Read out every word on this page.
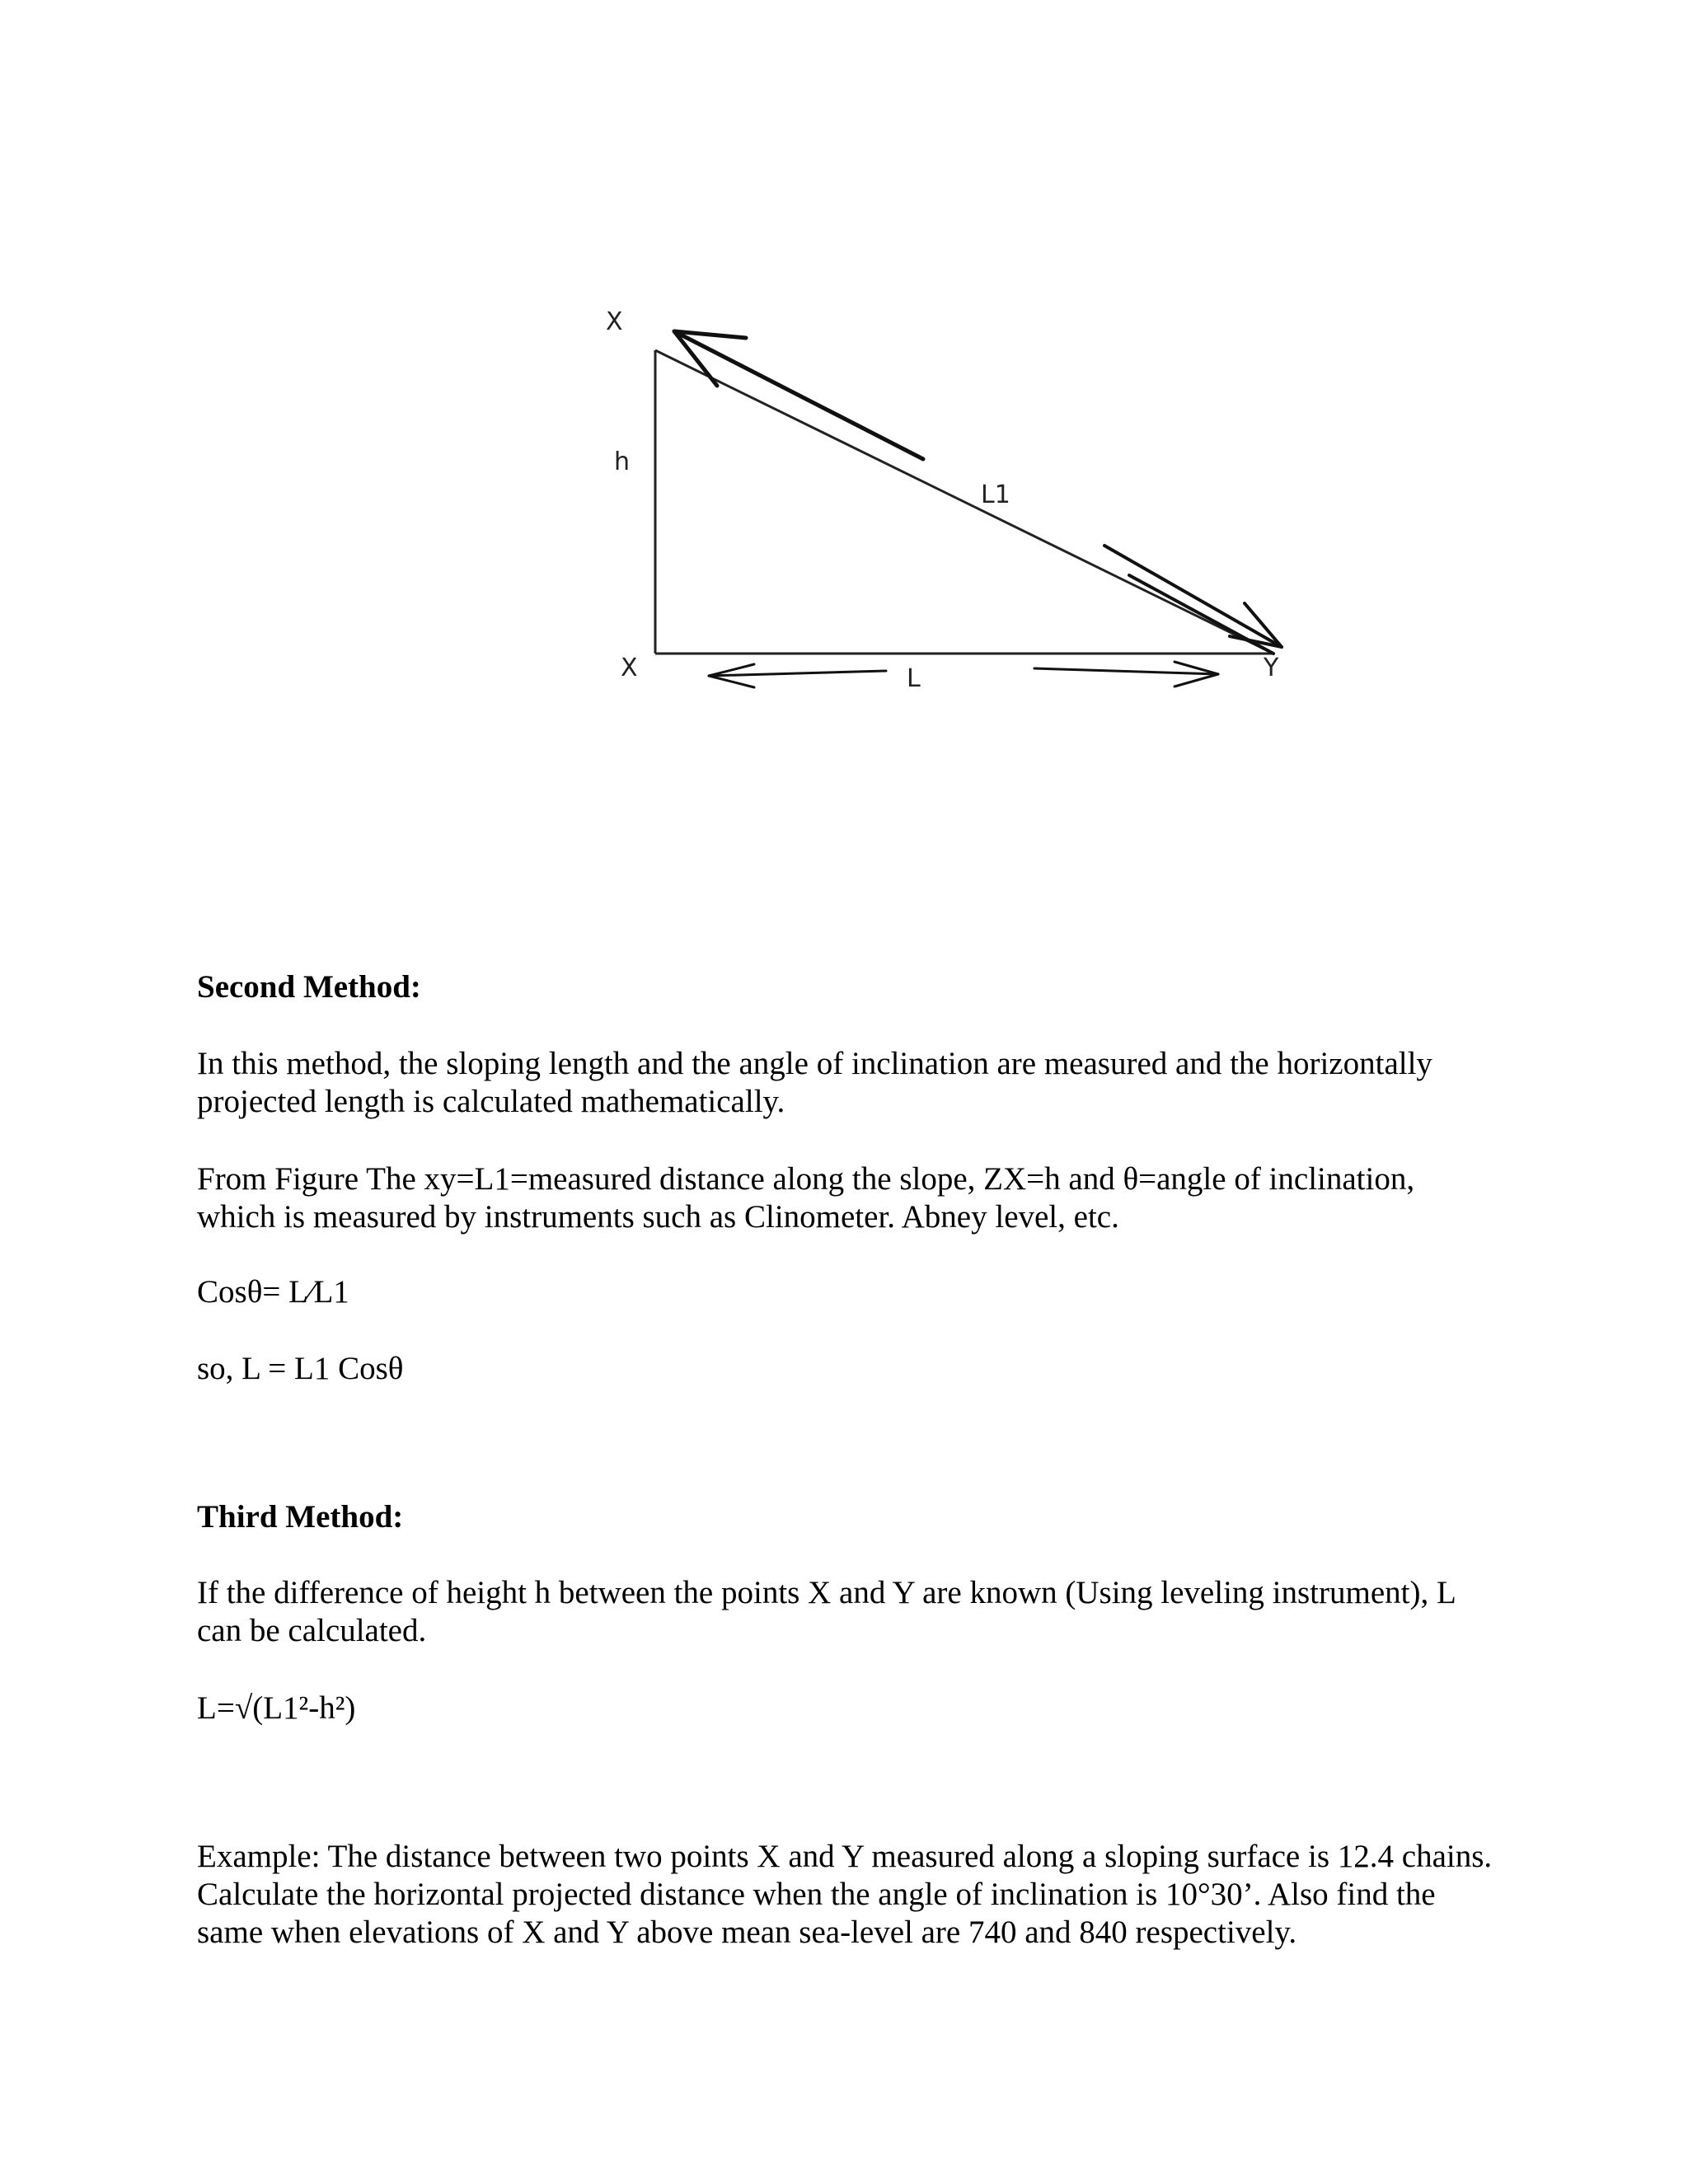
X
h
L1
X	L	Y
Second Method:
In this method, the sloping length and the angle of inclination are measured and the horizontally projected length is calculated mathematically.
From Figure The xy=L1=measured distance along the slope, ZX=h and θ=angle of inclination, which is measured by instruments such as Clinometer. Abney level, etc.
Cosθ= L⁄L1
so, L = L1 Cosθ
Third Method:
If the difference of height h between the points X and Y are known (Using leveling instrument), L can be calculated.
L=√(L1²-h²)
Example: The distance between two points X and Y measured along a sloping surface is 12.4 chains. Calculate the horizontal projected distance when the angle of inclination is 10°30’. Also find the same when elevations of X and Y above mean sea-level are 740 and 840 respectively.
